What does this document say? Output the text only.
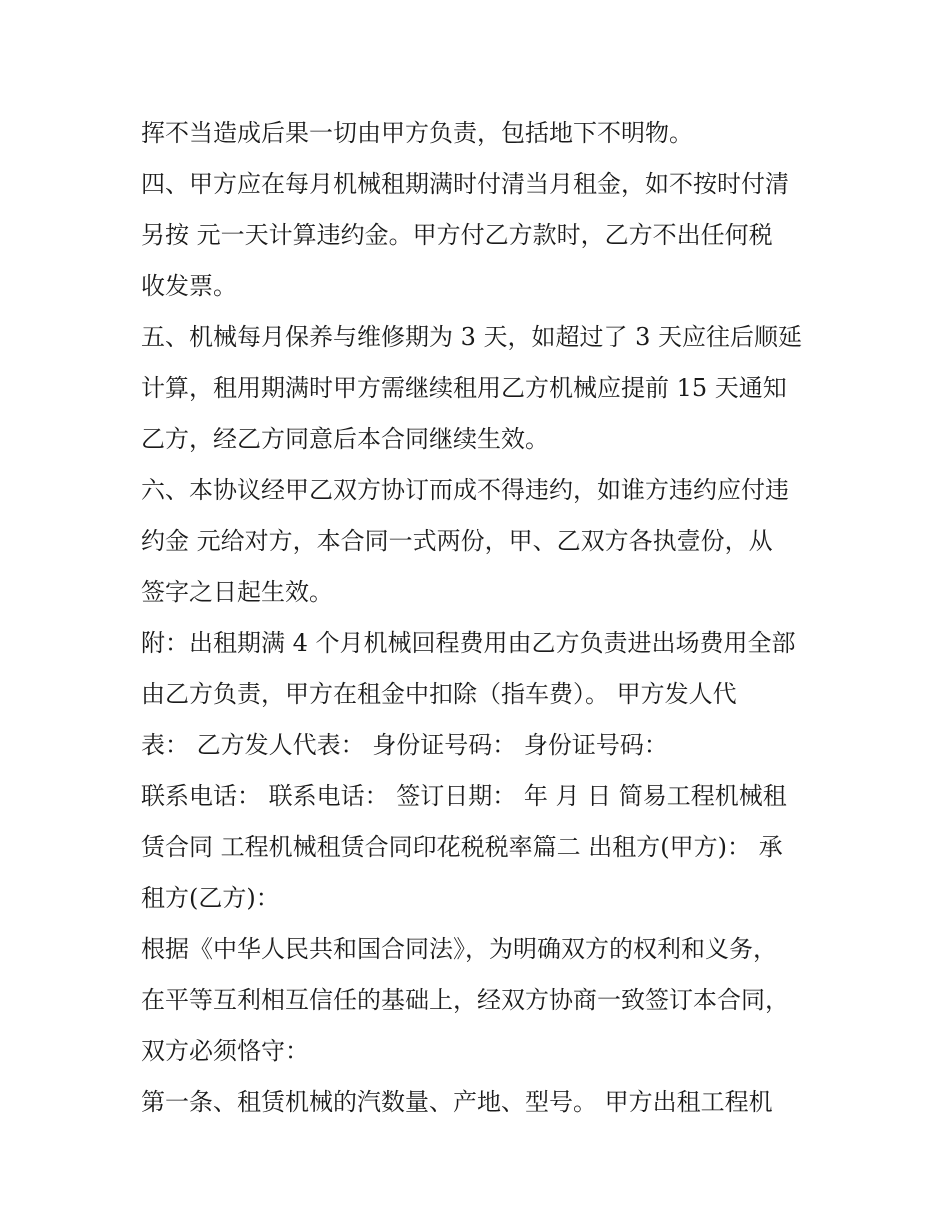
挥不当造成后果一切由甲方负责，包括地下不明物。
四、甲方应在每月机械租期满时付清当月租金，如不按时付清
另按 元一天计算违约金。甲方付乙方款时，乙方不出任何税
收发票。
五、机械每月保养与维修期为 3 天，如超过了 3 天应往后顺延
计算，租用期满时甲方需继续租用乙方机械应提前 15 天通知
乙方，经乙方同意后本合同继续生效。
六、本协议经甲乙双方协订而成不得违约，如谁方违约应付违
约金 元给对方，本合同一式两份，甲、乙双方各执壹份，从
签字之日起生效。
附：出租期满 4 个月机械回程费用由乙方负责进出场费用全部
由乙方负责，甲方在租金中扣除（指车费）。 甲方发人代
表： 乙方发人代表： 身份证号码： 身份证号码：
联系电话： 联系电话： 签订日期： 年 月 日 简易工程机械租
赁合同 工程机械租赁合同印花税税率篇二 出租方(甲方)： 承
租方(乙方)：
根据《中华人民共和国合同法》，为明确双方的权利和义务，
在平等互利相互信任的基础上，经双方协商一致签订本合同，
双方必须恪守：
第一条、租赁机械的汽数量、产地、型号。 甲方出租工程机
